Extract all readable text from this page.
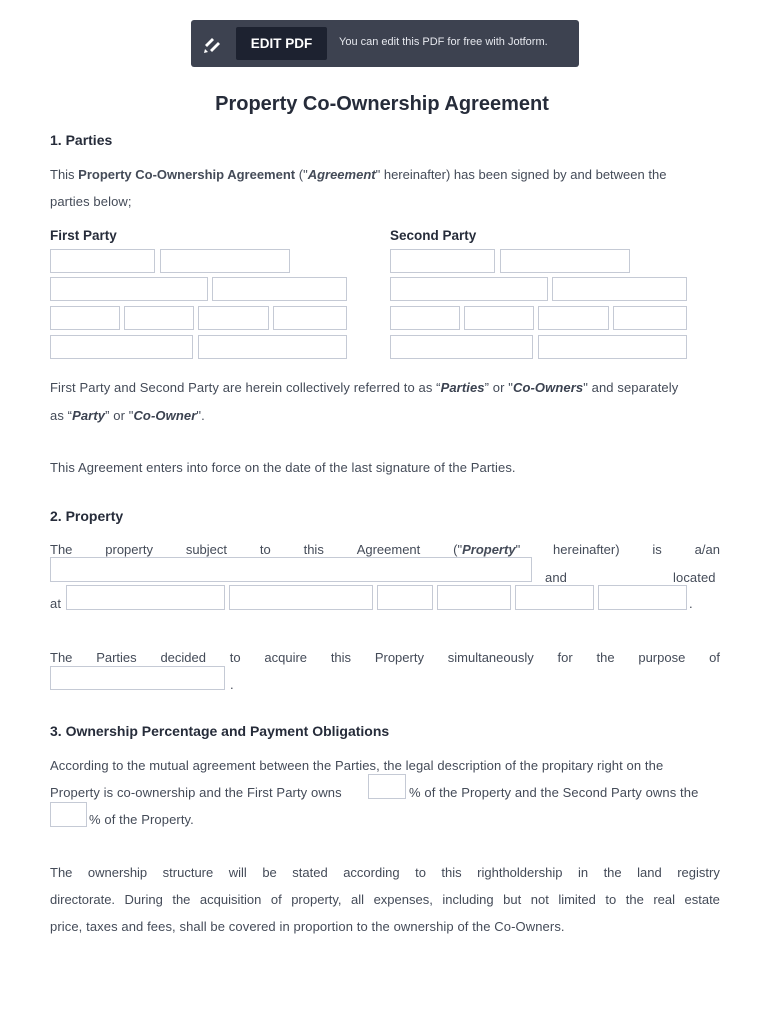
EDIT PDF	You can edit this PDF for free with Jotform.
Property Co-Ownership Agreement
1. Parties
This Property Co-Ownership Agreement ("Agreement" hereinafter) has been signed by and between the
parties below;
First Party	Second Party
First Party and Second Party are herein collectively referred to as “Parties” or "Co-Owners" and separately
as “Party” or "Co-Owner".
This Agreement enters into force on the date of the last signature of the Parties.
2. Property
The	property	subject	to	this	Agreement	("Property"	hereinafter)	is	a/an
and	located
at	.
The Parties decided to acquire this Property simultaneously for the purpose of
.
3. Ownership Percentage and Payment Obligations
According to the mutual agreement between the Parties, the legal description of the propitary right on the
Property is co-ownership and the First Party owns	% of the Property and the Second Party owns the
% of the Property.
The ownership structure will be stated according to this rightholdership in the land registry
directorate. During the acquisition of property, all expenses, including but not limited to the real estate
price, taxes and fees, shall be covered in proportion to the ownership of the Co-Owners.
